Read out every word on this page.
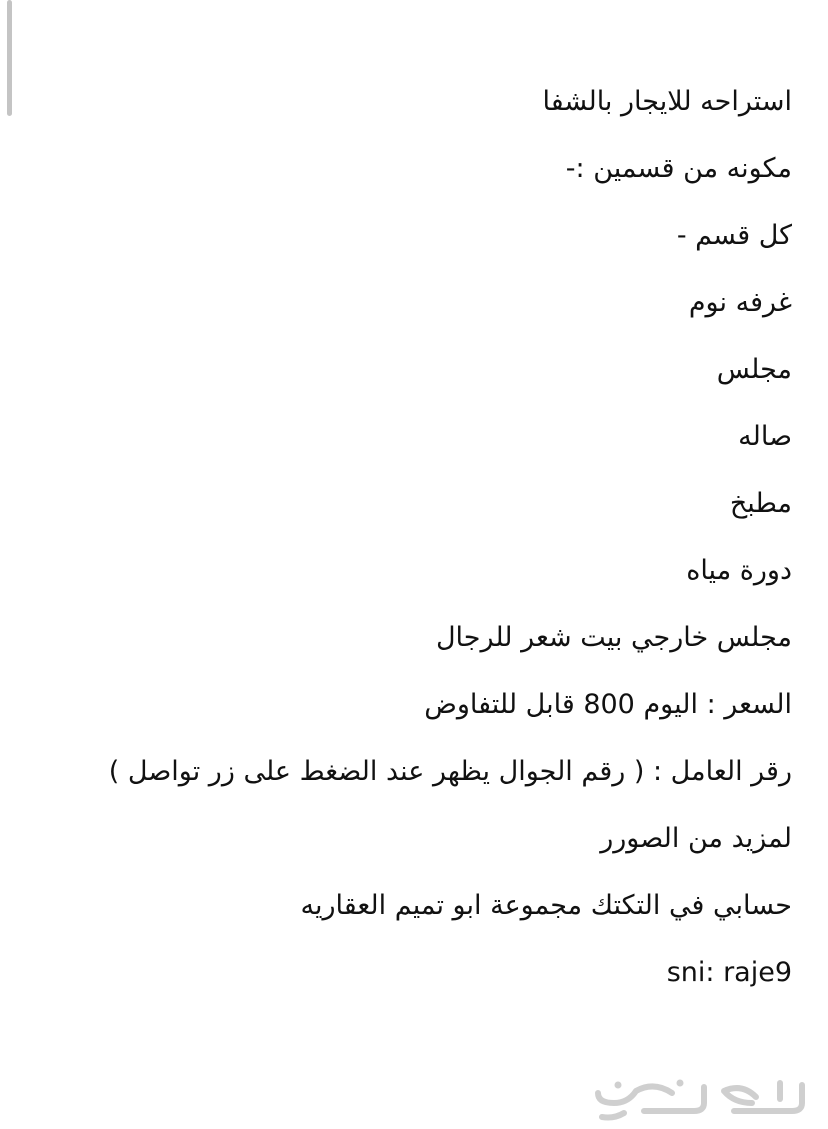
استراحه للايجار بالشفا
مكونه من قسمين :-
كل قسم -
غرفه نوم
مجلس
صاله
مطبخ
دورة مياه
مجلس خارجي بيت شعر للرجال
السعر : اليوم 800 قابل للتفاوض
رقر العامل : ( رقم الجوال يظهر عند الضغط على زر تواصل )
لمزيد من الصورر
حسابي في التكتك مجموعة ابو تميم العقاريه
sni: raje9
